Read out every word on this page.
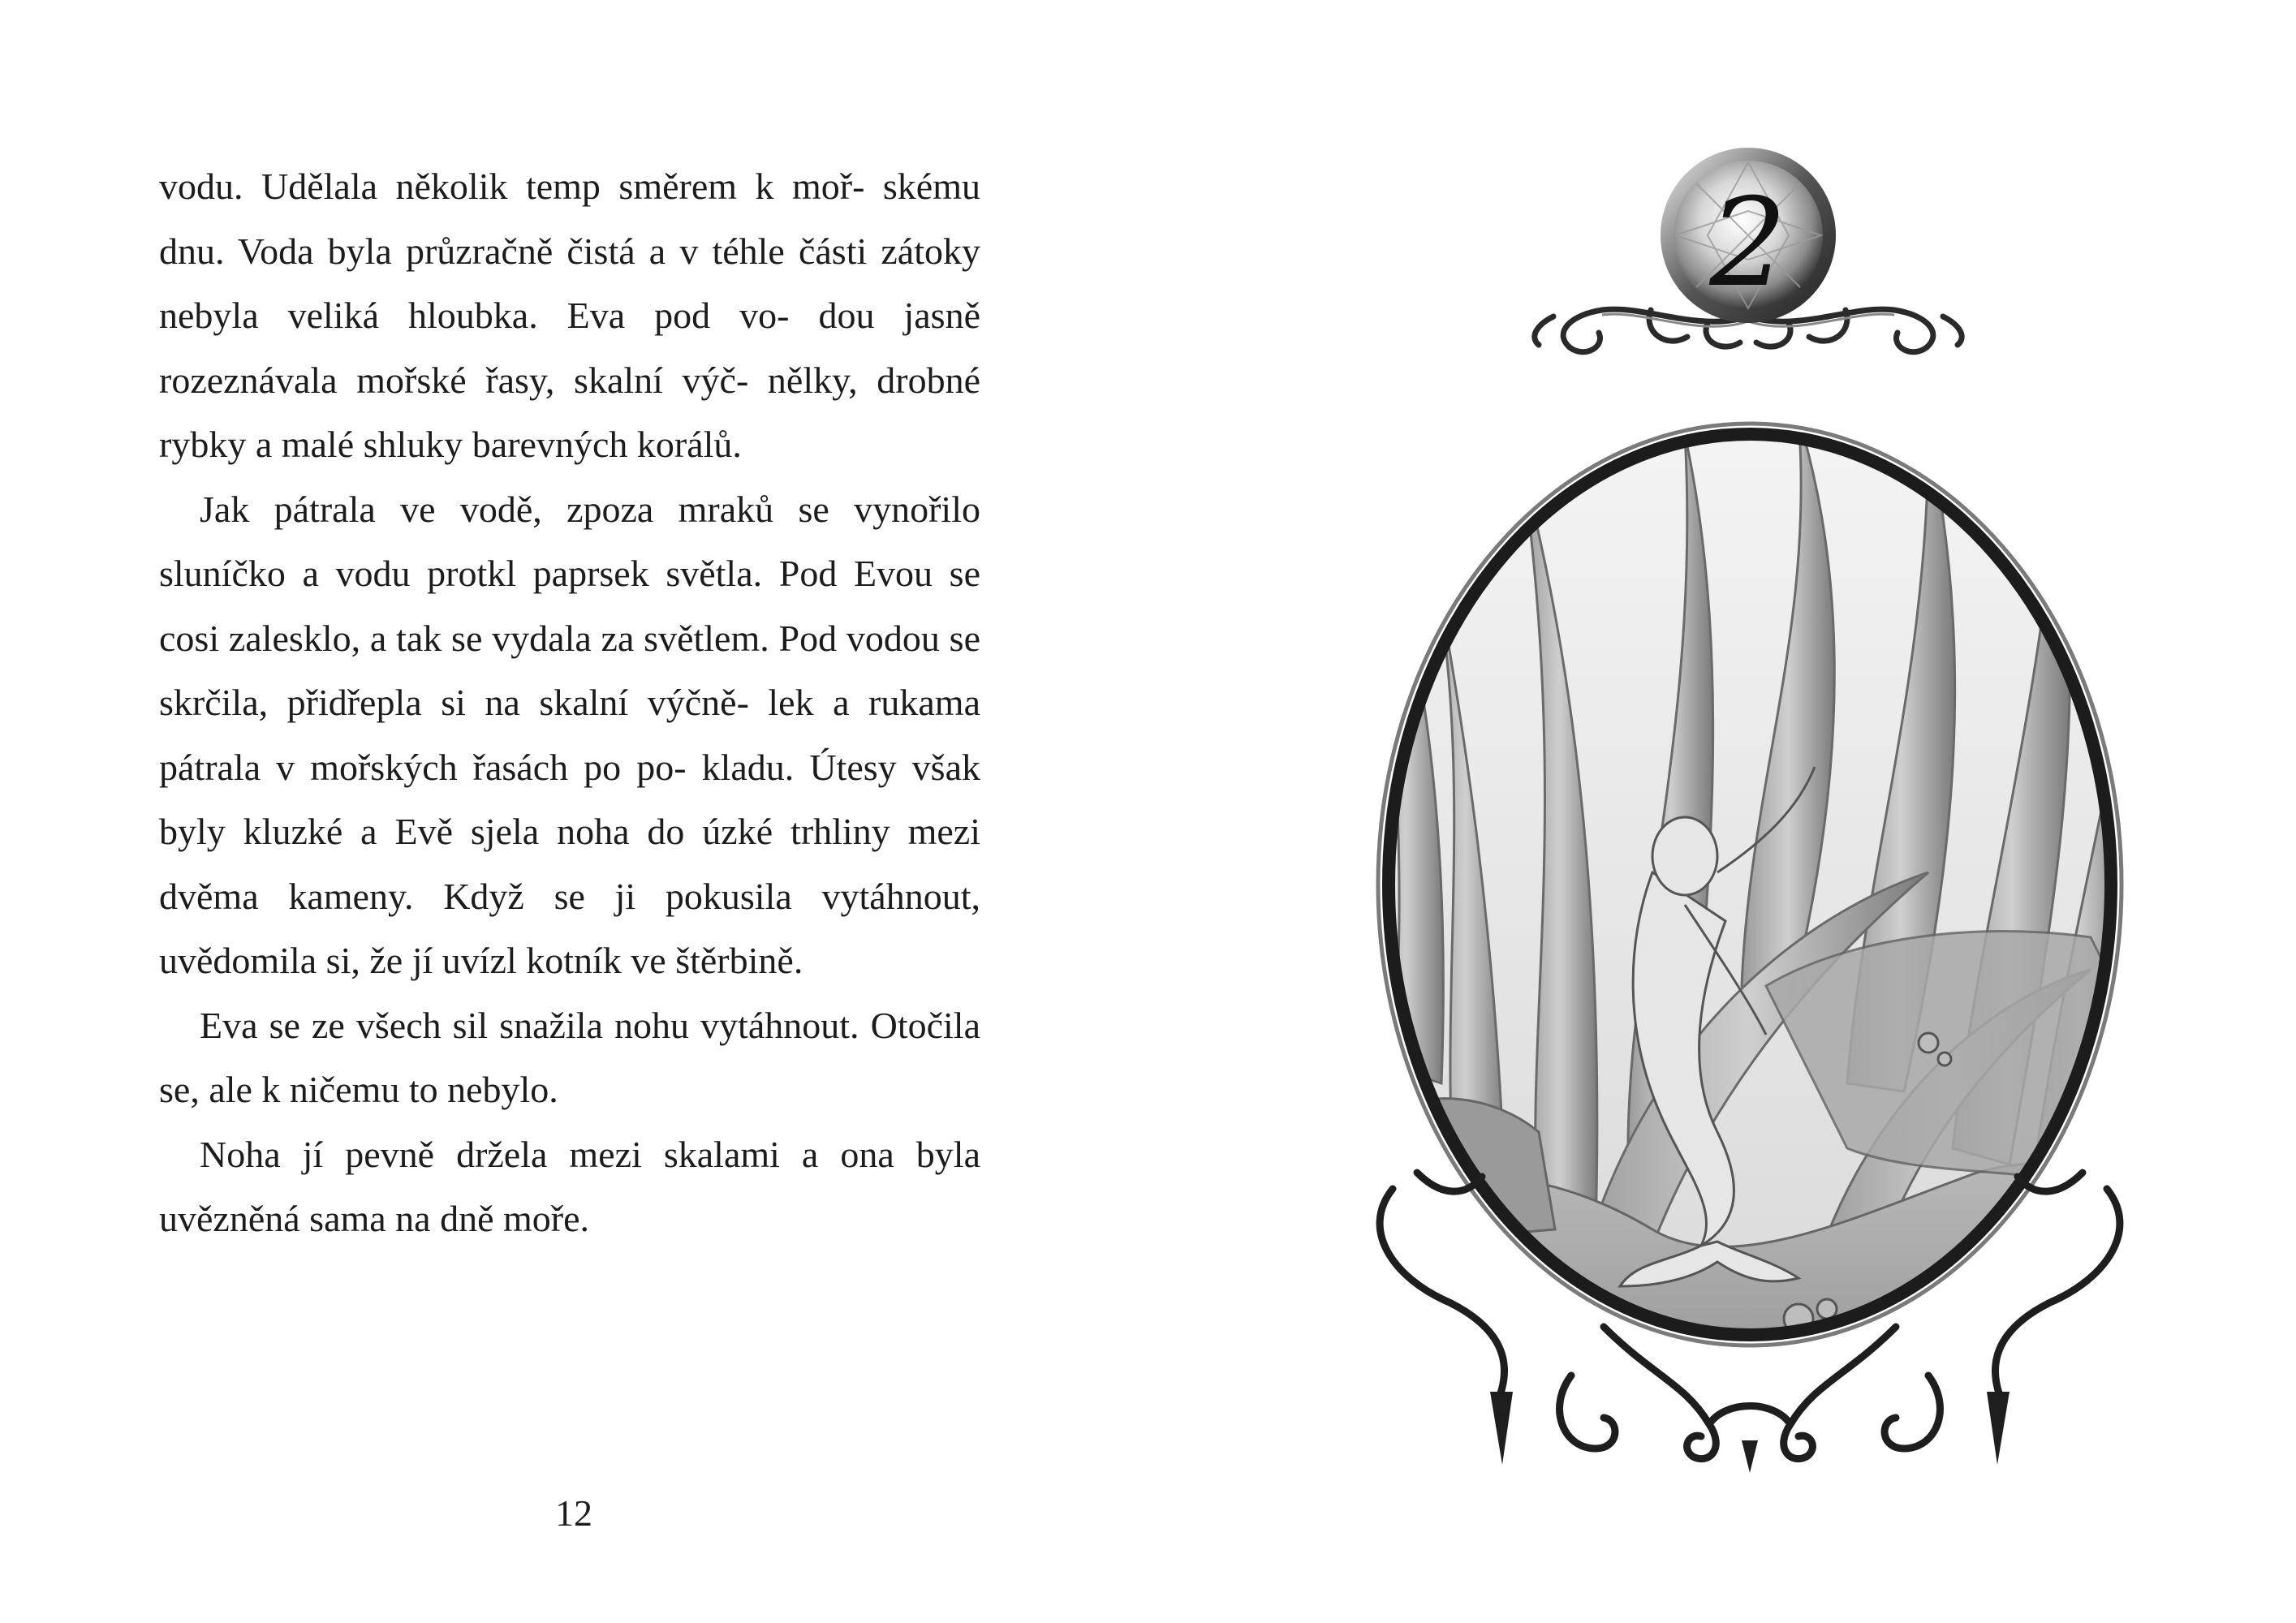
vodu. Udělala několik temp směrem k moř- skému dnu. Voda byla průzračně čistá a v téhle části zátoky nebyla veliká hloubka. Eva pod vo- dou jasně rozeznávala mořské řasy, skalní výč- nělky, drobné rybky a malé shluky barevných korálů.

Jak pátrala ve vodě, zpoza mraků se vynořilo sluníčko a vodu protkl paprsek světla. Pod Evou se cosi zalesklo, a tak se vydala za světlem. Pod vodou se skrčila, přidřepla si na skalní výčně- lek a rukama pátrala v mořských řasách po po- kladu. Útesy však byly kluzké a Evě sjela noha do úzké trhliny mezi dvěma kameny. Když se ji pokusila vytáhnout, uvědomila si, že jí uvízl kotník ve štěrbině.

Eva se ze všech sil snažila nohu vytáhnout. Otočila se, ale k ničemu to nebylo.

Noha jí pevně držela mezi skalami a ona byla uvězněná sama na dně moře.

12
2
